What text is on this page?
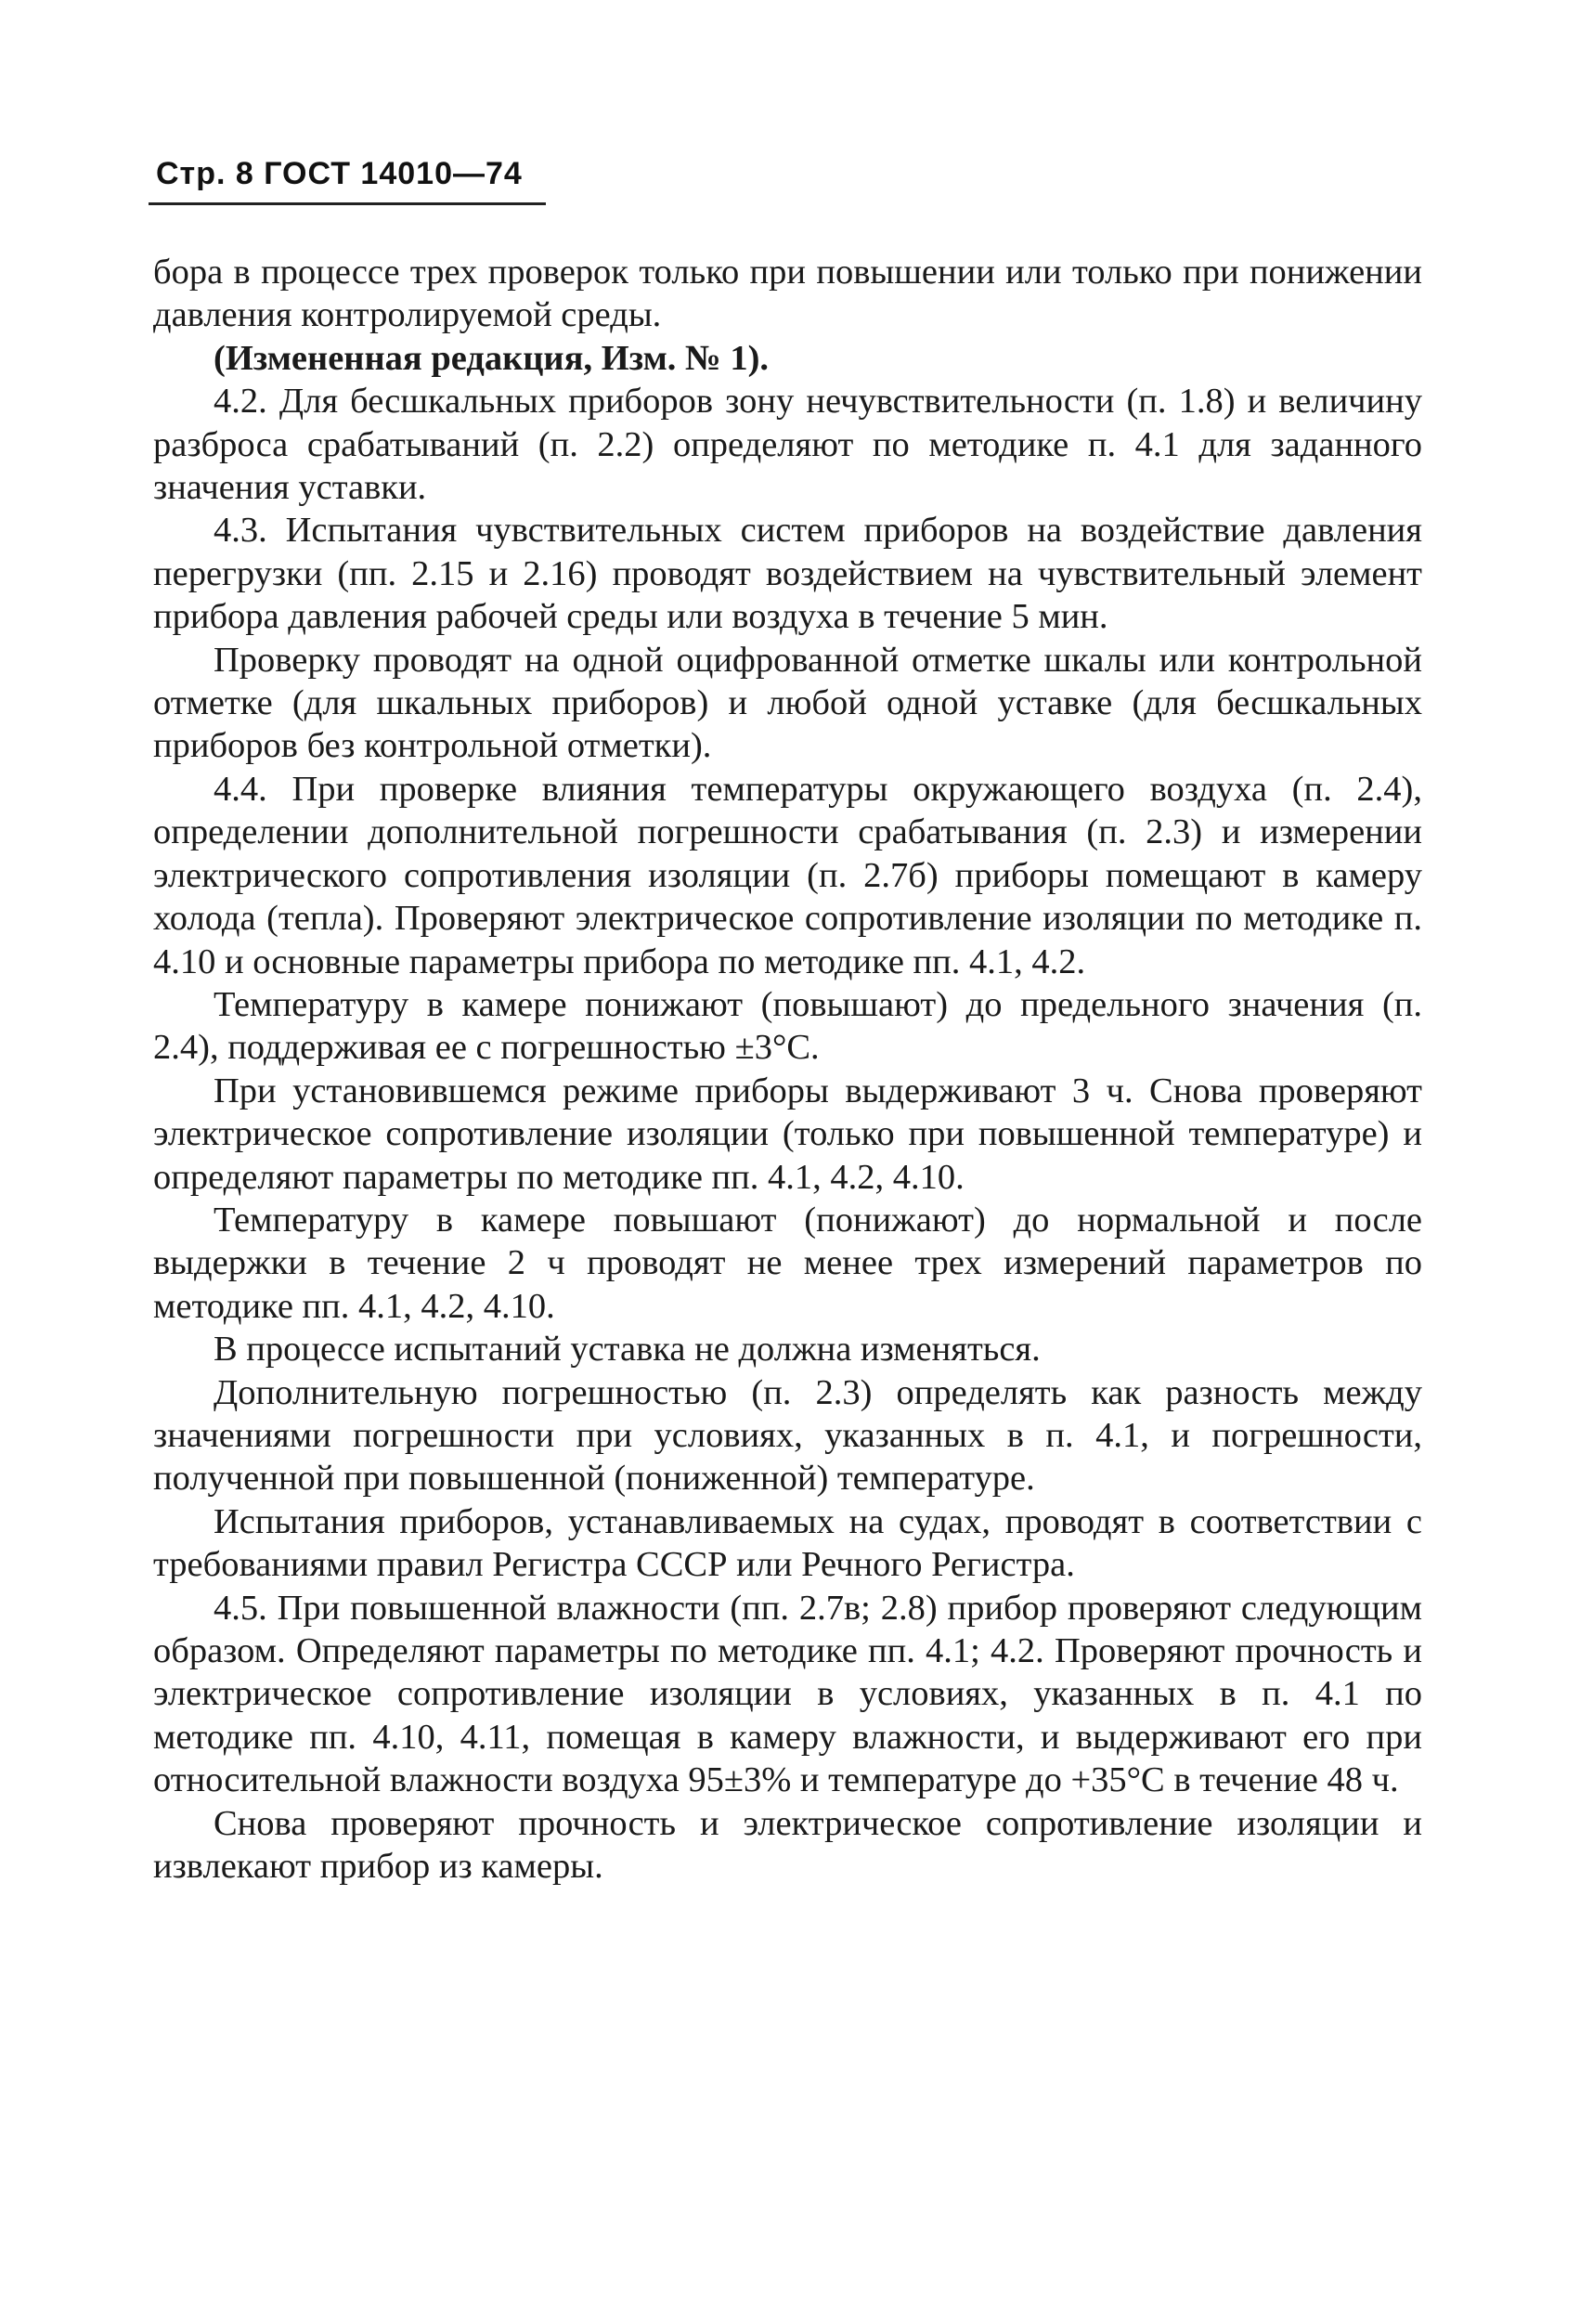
Стр. 8 ГОСТ 14010—74

бора в процессе трех проверок только при повышении или только при понижении давления контролируемой среды.

(Измененная редакция, Изм. № 1).

4.2. Для бесшкальных приборов зону нечувствительности (п. 1.8) и величину разброса срабатываний (п. 2.2) определяют по методике п. 4.1 для заданного значения уставки.

4.3. Испытания чувствительных систем приборов на воздействие давления перегрузки (пп. 2.15 и 2.16) проводят воздействием на чувствительный элемент прибора давления рабочей среды или воздуха в течение 5 мин.

Проверку проводят на одной оцифрованной отметке шкалы или контрольной отметке (для шкальных приборов) и любой одной уставке (для бесшкальных приборов без контрольной отметки).

4.4. При проверке влияния температуры окружающего воздуха (п. 2.4), определении дополнительной погрешности срабатывания (п. 2.3) и измерении электрического сопротивления изоляции (п. 2.7б) приборы помещают в камеру холода (тепла). Проверяют электрическое сопротивление изоляции по методике п. 4.10 и основные параметры прибора по методике пп. 4.1, 4.2.

Температуру в камере понижают (повышают) до предельного значения (п. 2.4), поддерживая ее с погрешностью ±3°С.

При установившемся режиме приборы выдерживают 3 ч. Снова проверяют электрическое сопротивление изоляции (только при повышенной температуре) и определяют параметры по методике пп. 4.1, 4.2, 4.10.

Температуру в камере повышают (понижают) до нормальной и после выдержки в течение 2 ч проводят не менее трех измерений параметров по методике пп. 4.1, 4.2, 4.10.

В процессе испытаний уставка не должна изменяться.

Дополнительную погрешностью (п. 2.3) определять как разность между значениями погрешности при условиях, указанных в п. 4.1, и погрешности, полученной при повышенной (пониженной) температуре.

Испытания приборов, устанавливаемых на судах, проводят в соответствии с требованиями правил Регистра СССР или Речного Регистра.

4.5. При повышенной влажности (пп. 2.7в; 2.8) прибор проверяют следующим образом. Определяют параметры по методике пп. 4.1; 4.2. Проверяют прочность и электрическое сопротивление изоляции в условиях, указанных в п. 4.1 по методике пп. 4.10, 4.11, помещая в камеру влажности, и выдерживают его при относительной влажности воздуха 95±3% и температуре до +35°С в течение 48 ч.

Снова проверяют прочность и электрическое сопротивление изоляции и извлекают прибор из камеры.
